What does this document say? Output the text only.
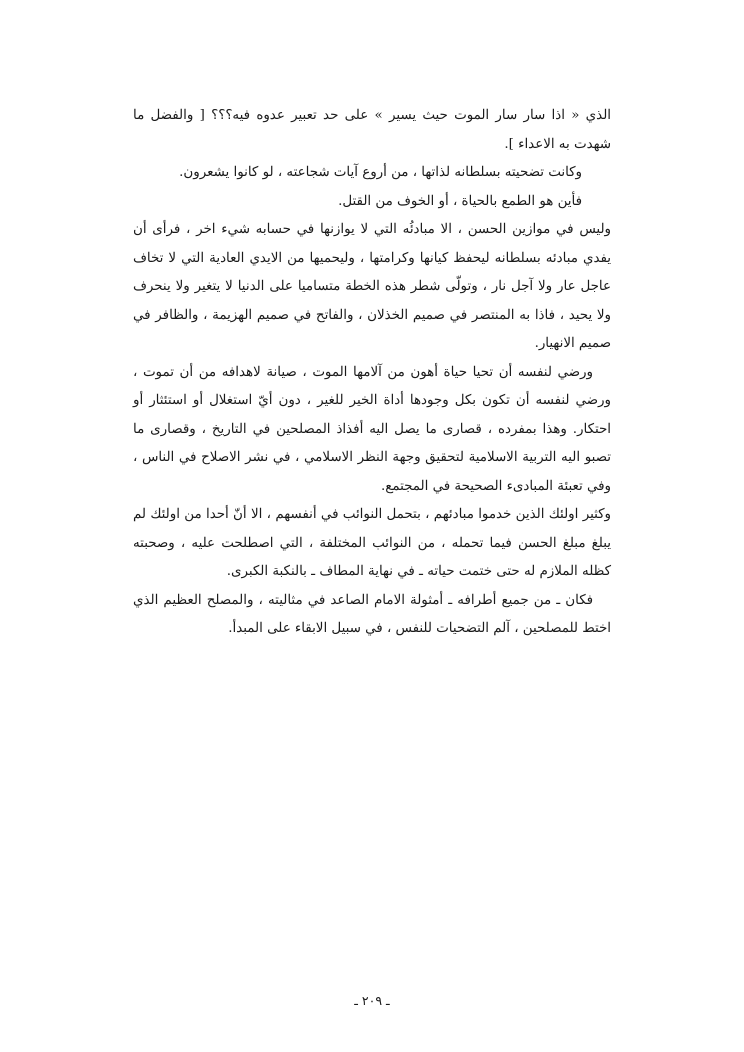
الذي « اذا سار سار الموت حيث يسير » على حد تعبير عدوه فيه؟؟؟ [ والفضل ما شهدت به الاعداء ].

وكانت تضحيته بسلطانه لذاتها ، من أروع آيات شجاعته ، لو كانوا يشعرون.

فأين هو الطمع بالحياة ، أو الخوف من القتل.

وليس في موازين الحسن ، الا مبادئُه التي لا يوازنها في حسابه شيء اخر ، فرأى أن يفدي مبادئه بسلطانه ليحفظ كيانها وكرامتها ، وليحميها من الايدي العادية التي لا تخاف عاجل عار ولا آجل نار ، وتولّى شطر هذه الخطة متساميا على الدنيا لا يتغير ولا ينحرف ولا يحيد ، فاذا به المنتصر في صميم الخذلان ، والفاتح في صميم الهزيمة ، والظافر في صميم الانهيار.

ورضي لنفسه أن تحيا حياة أهون من آلامها الموت ، صيانة لاهدافه من أن تموت ، ورضي لنفسه أن تكون بكل وجودها أداة الخير للغير ، دون أيّ استغلال أو استئثار أو احتكار. وهذا بمفرده ، قصارى ما يصل اليه أفذاذ المصلحين في التاريخ ، وقصارى ما تصبو اليه التربية الاسلامية لتحقيق وجهة النظر الاسلامي ، في نشر الاصلاح في الناس ، وفي تعبئة المبادىء الصحيحة في المجتمع.

وكثير اولئك الذين خدموا مبادئهم ، بتحمل النوائب في أنفسهم ، الا أنّ أحدا من اولئك لم يبلغ مبلغ الحسن فيما تحمله ، من النوائب المختلفة ، التي اصطلحت عليه ، وصحبته كظله الملازم له حتى ختمت حياته ـ في نهاية المطاف ـ بالنكبة الكبرى.

فكان ـ من جميع أطرافه ـ أمثولة الامام الصاعد في مثاليته ، والمصلح العظيم الذي اختط للمصلحين ، آلم التضحيات للنفس ، في سبيل الابقاء على المبدأ.

ـ ٢٠٩ ـ
